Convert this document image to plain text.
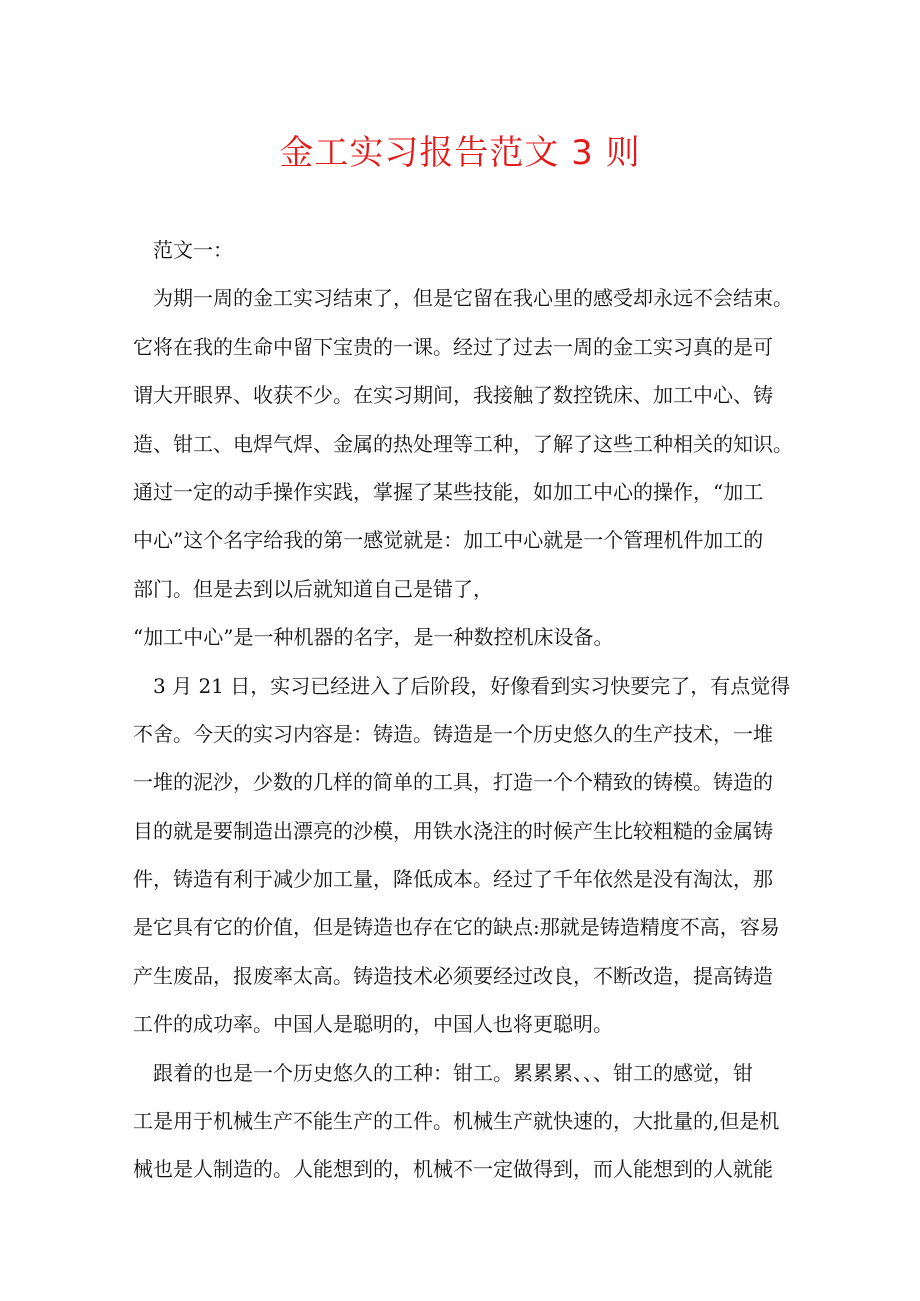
金工实习报告范文 3 则
范文一：
为期一周的金工实习结束了，但是它留在我心里的感受却永远不会结束。
它将在我的生命中留下宝贵的一课。经过了过去一周的金工实习真的是可
谓大开眼界、收获不少。在实习期间，我接触了数控铣床、加工中心、铸
造、钳工、电焊气焊、金属的热处理等工种，了解了这些工种相关的知识。
通过一定的动手操作实践，掌握了某些技能，如加工中心的操作，“加工
中心”这个名字给我的第一感觉就是：加工中心就是一个管理机件加工的
部门。但是去到以后就知道自己是错了，
“加工中心”是一种机器的名字，是一种数控机床设备。
3 月 21 日，实习已经进入了后阶段，好像看到实习快要完了，有点觉得
不舍。今天的实习内容是：铸造。铸造是一个历史悠久的生产技术，一堆
一堆的泥沙，少数的几样的简单的工具，打造一个个精致的铸模。铸造的
目的就是要制造出漂亮的沙模，用铁水浇注的时候产生比较粗糙的金属铸
件，铸造有利于减少加工量，降低成本。经过了千年依然是没有淘汰，那
是它具有它的价值，但是铸造也存在它的缺点:那就是铸造精度不高，容易
产生废品，报废率太高。铸造技术必须要经过改良，不断改造，提高铸造
工件的成功率。中国人是聪明的，中国人也将更聪明。
跟着的也是一个历史悠久的工种：钳工。累累累、、、钳工的感觉，钳
工是用于机械生产不能生产的工件。机械生产就快速的，大批量的,但是机
械也是人制造的。人能想到的，机械不一定做得到，而人能想到的人就能
